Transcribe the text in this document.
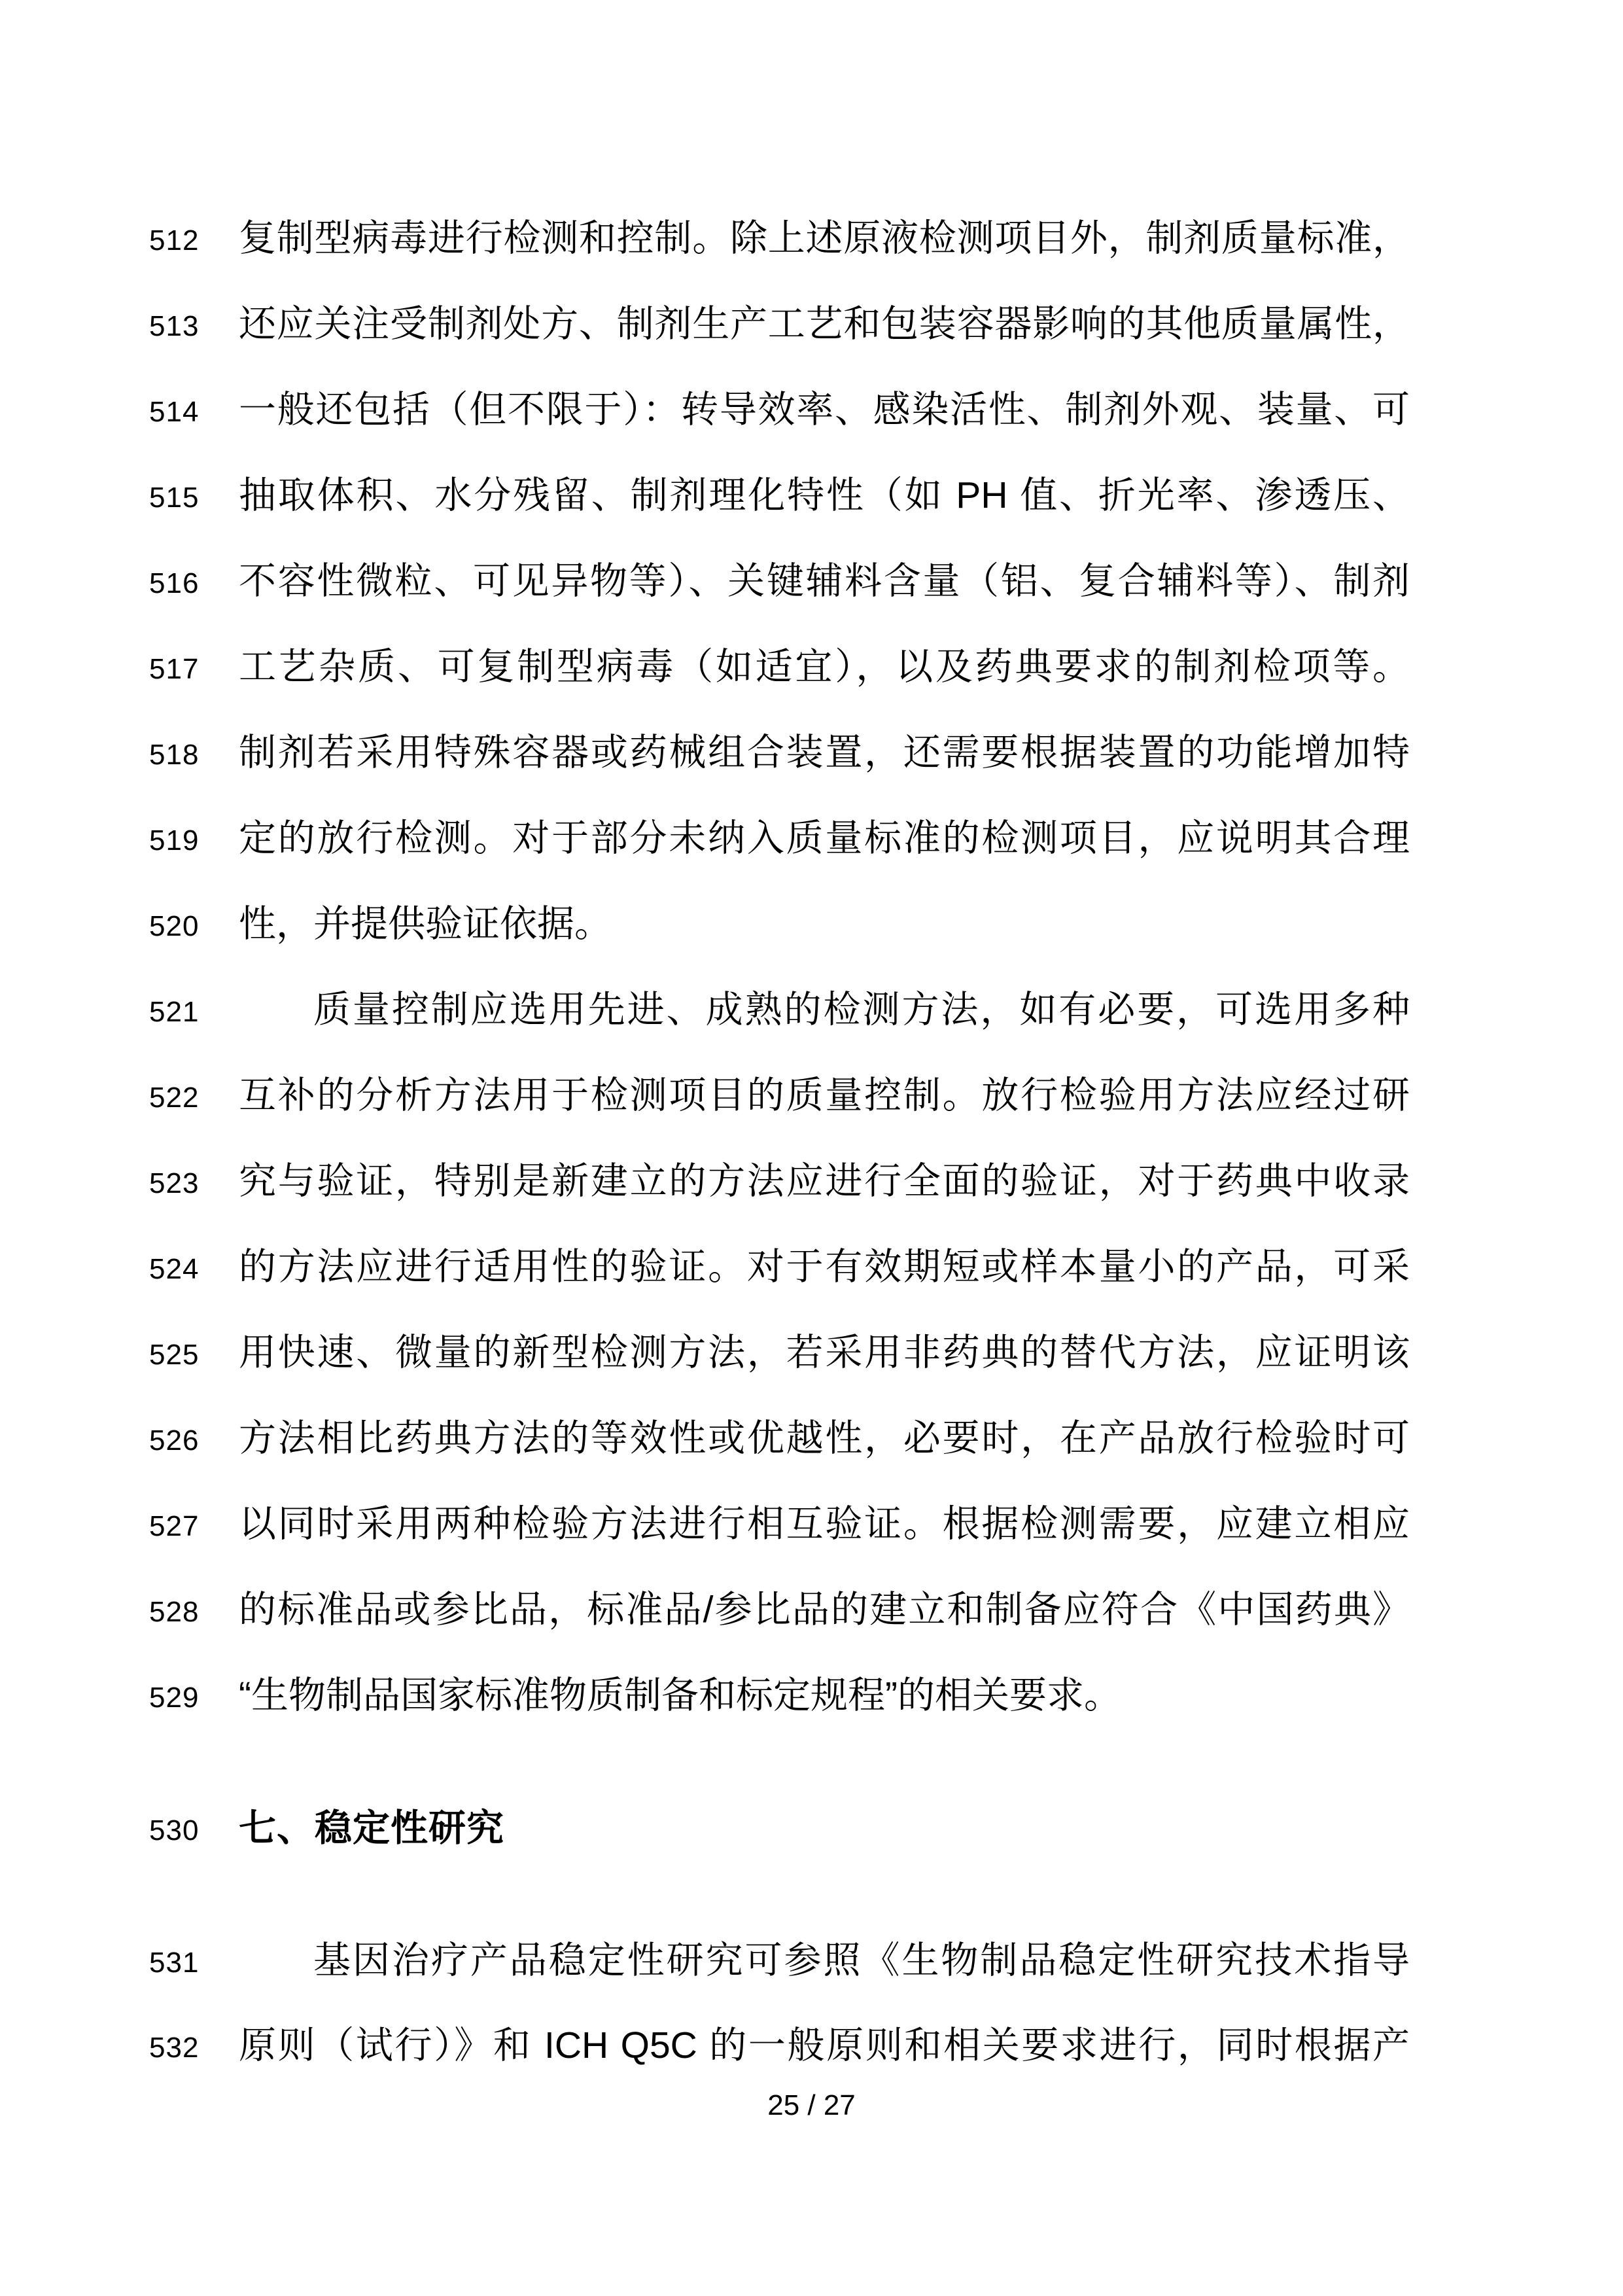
512 复制型病毒进行检测和控制。除上述原液检测项目外，制剂质量标准，
513 还应关注受制剂处方、制剂生产工艺和包装容器影响的其他质量属性，
514 一般还包括（但不限于）：转导效率、感染活性、制剂外观、装量、可
515 抽取体积、水分残留、制剂理化特性（如 PH 值、折光率、渗透压、
516 不容性微粒、可见异物等）、关键辅料含量（铝、复合辅料等）、制剂
517 工艺杂质、可复制型病毒（如适宜），以及药典要求的制剂检项等。
518 制剂若采用特殊容器或药械组合装置，还需要根据装置的功能增加特
519 定的放行检测。对于部分未纳入质量标准的检测项目，应说明其合理
520 性，并提供验证依据。
521	质量控制应选用先进、成熟的检测方法，如有必要，可选用多种
522 互补的分析方法用于检测项目的质量控制。放行检验用方法应经过研
523 究与验证，特别是新建立的方法应进行全面的验证，对于药典中收录
524 的方法应进行适用性的验证。对于有效期短或样本量小的产品，可采
525 用快速、微量的新型检测方法，若采用非药典的替代方法，应证明该
526 方法相比药典方法的等效性或优越性，必要时，在产品放行检验时可
527 以同时采用两种检验方法进行相互验证。根据检测需要，应建立相应
528 的标准品或参比品，标准品/参比品的建立和制备应符合《中国药典》
529 “生物制品国家标准物质制备和标定规程”的相关要求。
530 七、稳定性研究
531	基因治疗产品稳定性研究可参照《生物制品稳定性研究技术指导
532 原则（试行）》和 ICH Q5C 的一般原则和相关要求进行，同时根据产
25 / 27
